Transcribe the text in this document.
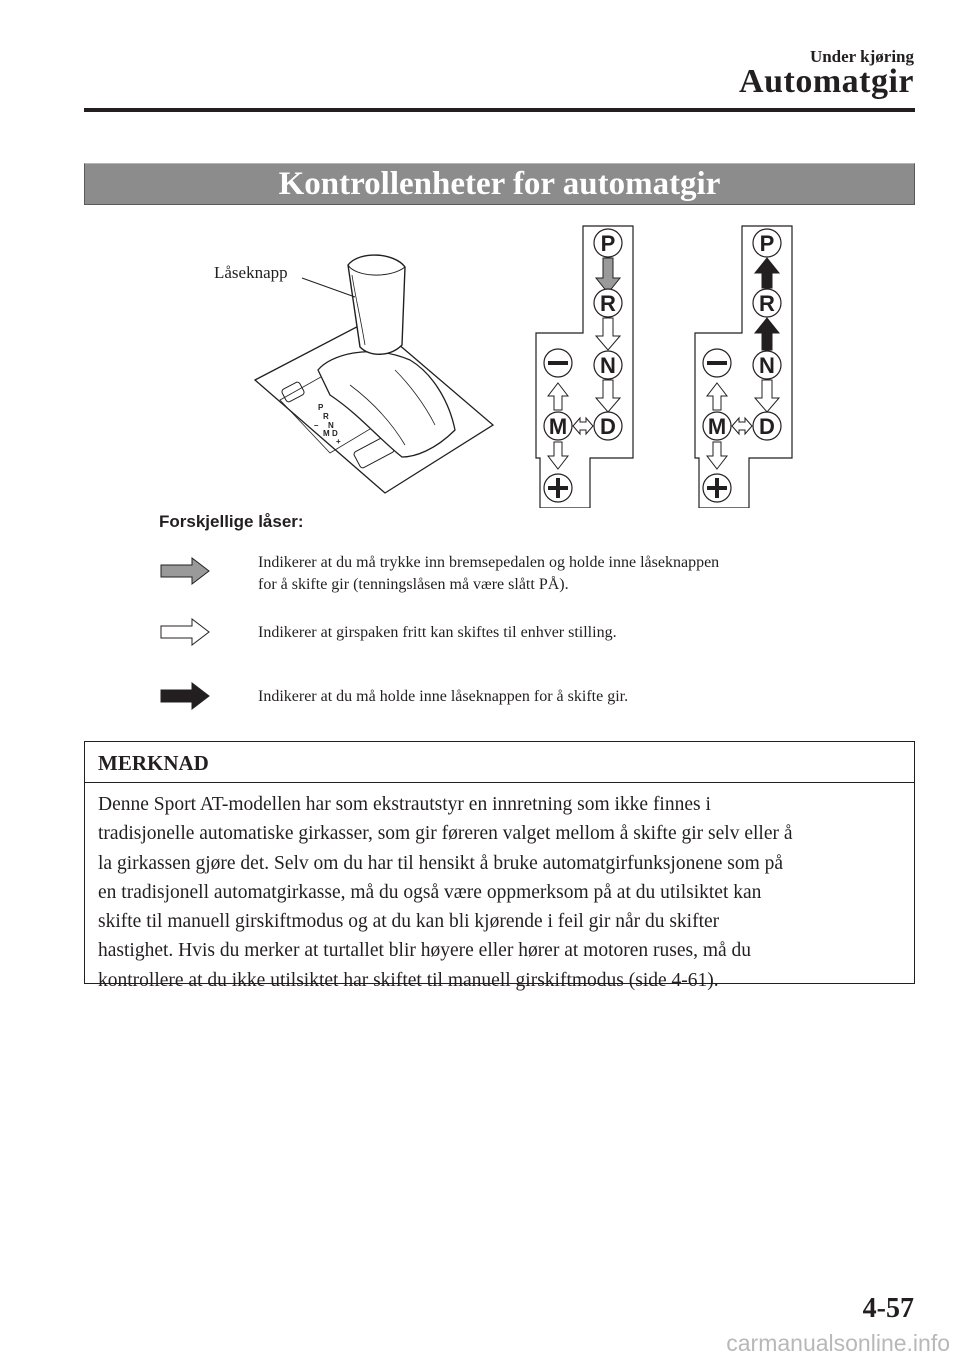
Under kjøring
Automatgir
Kontrollenheter for automatgir
P
R
N
M D
+
–
Låseknapp
P
R
N
D
M
P
R
N
D
M
Forskjellige låser:
Indikerer at du må trykke inn bremsepedalen og holde inne låseknappen
for å skifte gir (tenningslåsen må være slått PÅ).
Indikerer at girspaken fritt kan skiftes til enhver stilling.
Indikerer at du må holde inne låseknappen for å skifte gir.
MERKNAD
Denne Sport AT-modellen har som ekstrautstyr en innretning som ikke finnes i
tradisjonelle automatiske girkasser, som gir føreren valget mellom å skifte gir selv eller å
la girkassen gjøre det. Selv om du har til hensikt å bruke automatgirfunksjonene som på
en tradisjonell automatgirkasse, må du også være oppmerksom på at du utilsiktet kan
skifte til manuell girskiftmodus og at du kan bli kjørende i feil gir når du skifter
hastighet. Hvis du merker at turtallet blir høyere eller hører at motoren ruses, må du
kontrollere at du ikke utilsiktet har skiftet til manuell girskiftmodus (side 4-61).
4-57
carmanualsonline.info
